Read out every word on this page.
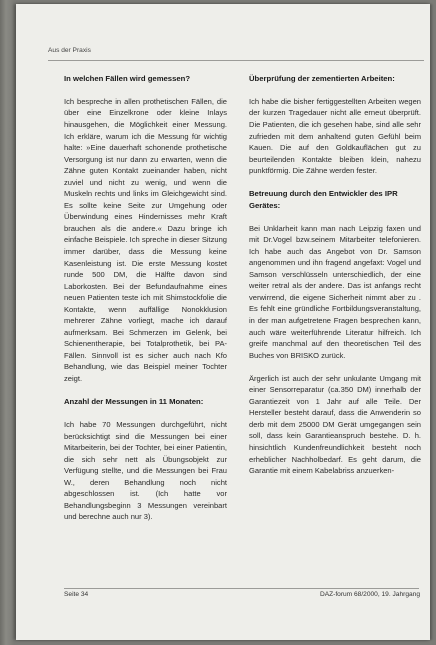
Aus der Praxis
In welchen Fällen wird gemessen?

Ich bespreche in allen prothetischen Fällen, die über eine Einzelkrone oder kleine Inlays hinausgehen, die Möglichkeit einer Messung. Ich erkläre, warum ich die Messung für wichtig halte: »Eine dauerhaft schonende prothetische Versorgung ist nur dann zu erwarten, wenn die Zähne guten Kontakt zueinander haben, nicht zuviel und nicht zu wenig, und wenn die Muskeln rechts und links im Gleichgewicht sind. Es sollte keine Seite zur Umgehung oder Überwindung eines Hindernisses mehr Kraft brauchen als die andere.« Dazu bringe ich einfache Beispiele. Ich spreche in dieser Sitzung immer darüber, dass die Messung keine Kasenleistung ist. Die erste Messung kostet runde 500 DM, die Hälfte davon sind Laborkosten. Bei der Befundaufnahme eines neuen Patienten teste ich mit Shimstockfolie die Kontakte, wenn auffällige Nonokklusion mehrerer Zähne vorliegt, mache ich darauf aufmerksam. Bei Schmerzen im Gelenk, bei Schienentherapie, bei Totalprothetik, bei PA-Fällen. Sinnvoll ist es sicher auch nach Kfo Behandlung, wie das Beispiel meiner Tochter zeigt.

Anzahl der Messungen in 11 Monaten:

Ich habe 70 Messungen durchgeführt, nicht berücksichtigt sind die Messungen bei einer Mitarbeiterin, bei der Tochter, bei einer Patientin, die sich sehr nett als Übungsobjekt zur Verfügung stellte, und die Messungen bei Frau W., deren Behandlung noch nicht abgeschlossen ist. (Ich hatte vor Behandlungsbeginn 3 Messungen vereinbart und berechne auch nur 3).

Überprüfung der zementierten Arbeiten:

Ich habe die bisher fertiggestellten Arbeiten wegen der kurzen Tragedauer nicht alle erneut überprüft. Die Patienten, die ich gesehen habe, sind alle sehr zufrieden mit dem anhaltend guten Gefühl beim Kauen. Die auf den Goldkauflächen gut zu beurteilenden Kontakte bleiben klein, nahezu punktförmig. Die Zähne werden fester.

Betreuung durch den Entwickler des IPR Gerätes:

Bei Unklarheit kann man nach Leipzig faxen und mit Dr.Vogel bzw.seinem Mitarbeiter telefonieren. Ich habe auch das Angebot von Dr. Samson angenommen und ihn fragend angefaxt: Vogel und Samson verschlüsseln unterschiedlich, der eine weiter retral als der andere. Das ist anfangs recht verwirrend, die eigene Sicherheit nimmt aber zu . Es fehlt eine gründliche Fortbildungsveranstaltung, in der man aufgetretene Fragen besprechen kann, auch wäre weiterführende Literatur hilfreich. Ich greife manchmal auf den theoretischen Teil des Buches von BRISKO zurück.

Ärgerlich ist auch der sehr unkulante Umgang mit einer Sensorreparatur (ca.350 DM) innerhalb der Garantiezeit von 1 Jahr auf alle Teile. Der Hersteller besteht darauf, dass die Anwenderin so derb mit dem 25000 DM Gerät umgegangen sein soll, dass kein Garantieanspruch bestehe. D. h. hinsichtlich Kundenfreundlichkeit besteht noch erheblicher Nachholbedarf. Es geht darum, die Garantie mit einem Kabelabriss anzuerken-

Seite 34	DAZ-forum 68/2000, 19. Jahrgang
